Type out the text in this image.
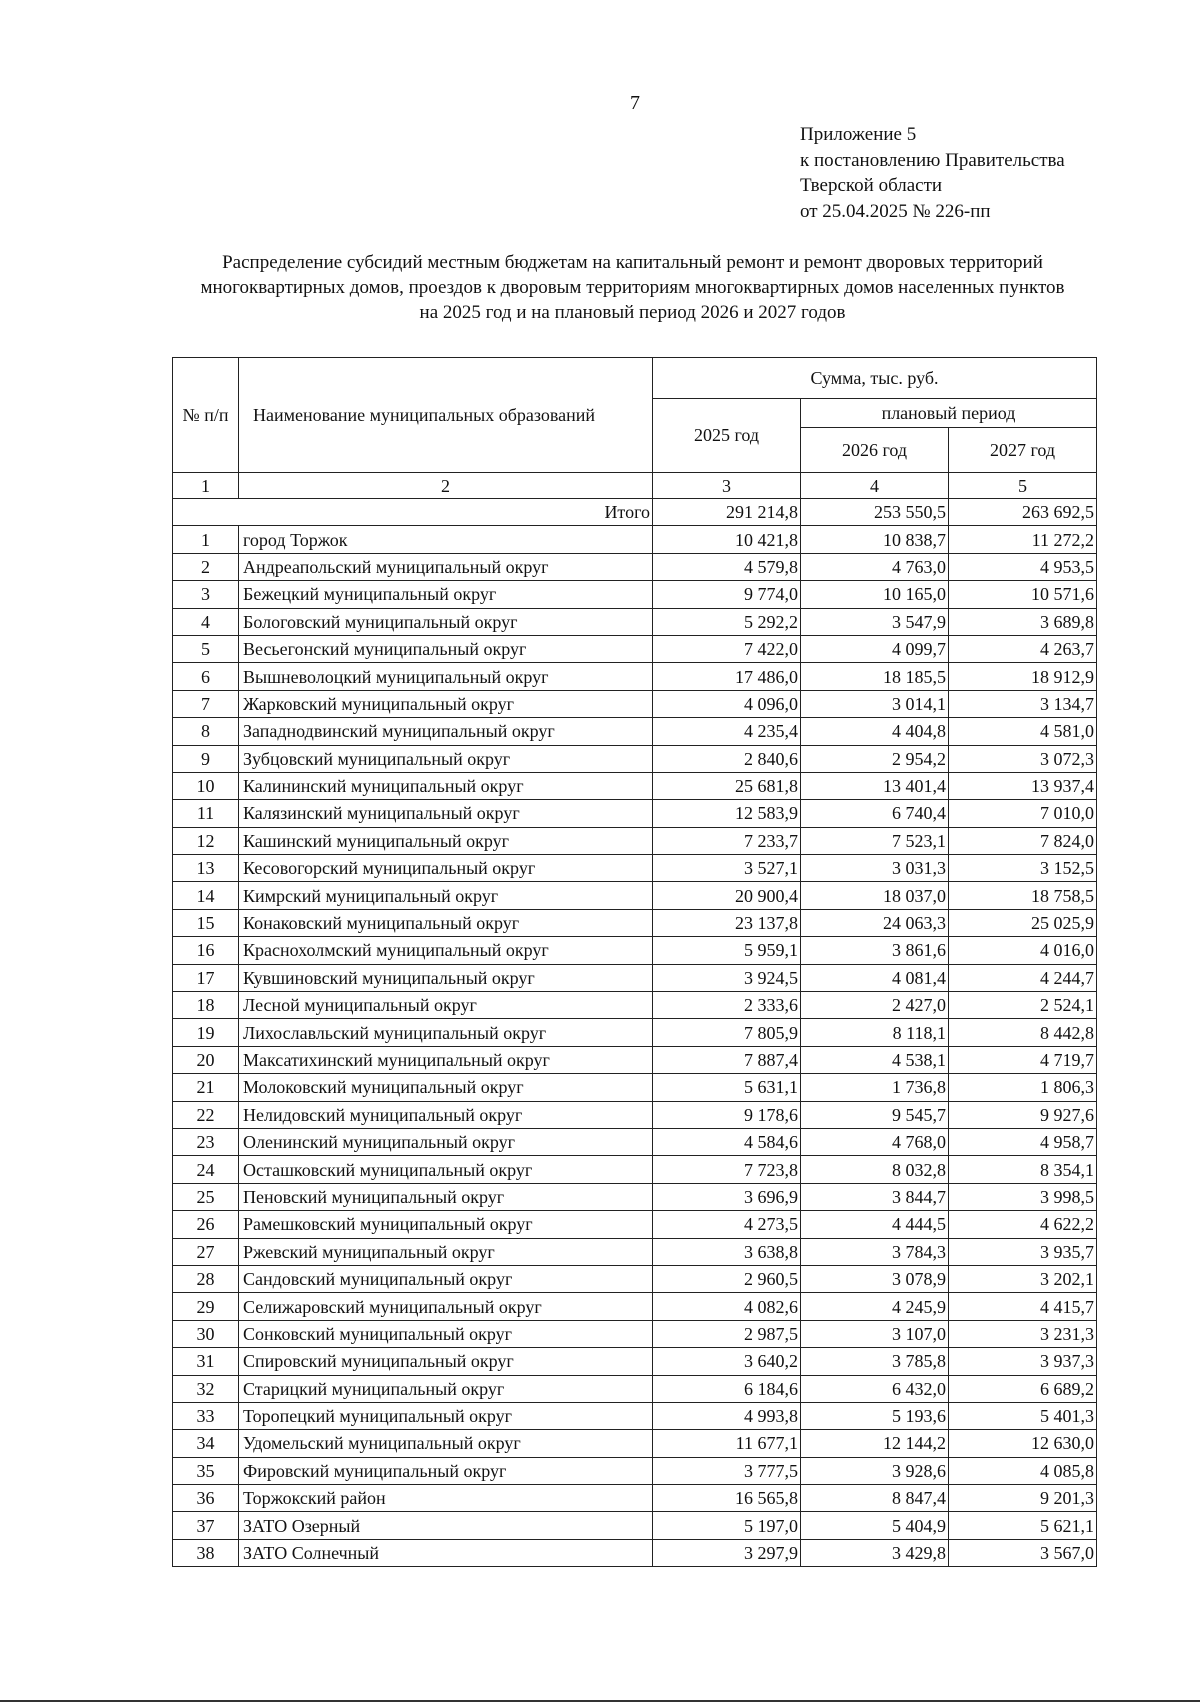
7
Приложение 5
к постановлению Правительства
Тверской области
от 25.04.2025 № 226-пп
Распределение субсидий местным бюджетам на капитальный ремонт и ремонт дворовых территорий
многоквартирных домов, проездов к дворовым территориям многоквартирных домов населенных пунктов
на 2025 год и на плановый период 2026 и 2027 годов
№ п/п	Наименование муниципальных образований	Сумма, тыс. руб.		
		2025 год	плановый период	
			2026 год	2027 год
1	2	3	4	5
Итого		291 214,8	253 550,5	263 692,5
1	город Торжок	10 421,8	10 838,7	11 272,2
2	Андреапольский муниципальный округ	4 579,8	4 763,0	4 953,5
3	Бежецкий муниципальный округ	9 774,0	10 165,0	10 571,6
4	Бологовский муниципальный округ	5 292,2	3 547,9	3 689,8
5	Весьегонский муниципальный округ	7 422,0	4 099,7	4 263,7
6	Вышневолоцкий муниципальный округ	17 486,0	18 185,5	18 912,9
7	Жарковский муниципальный округ	4 096,0	3 014,1	3 134,7
8	Западнодвинский муниципальный округ	4 235,4	4 404,8	4 581,0
9	Зубцовский муниципальный округ	2 840,6	2 954,2	3 072,3
10	Калининский муниципальный округ	25 681,8	13 401,4	13 937,4
11	Калязинский муниципальный округ	12 583,9	6 740,4	7 010,0
12	Кашинский муниципальный округ	7 233,7	7 523,1	7 824,0
13	Кесовогорский муниципальный округ	3 527,1	3 031,3	3 152,5
14	Кимрский муниципальный округ	20 900,4	18 037,0	18 758,5
15	Конаковский муниципальный округ	23 137,8	24 063,3	25 025,9
16	Краснохолмский муниципальный округ	5 959,1	3 861,6	4 016,0
17	Кувшиновский муниципальный округ	3 924,5	4 081,4	4 244,7
18	Лесной муниципальный округ	2 333,6	2 427,0	2 524,1
19	Лихославльский муниципальный округ	7 805,9	8 118,1	8 442,8
20	Максатихинский муниципальный округ	7 887,4	4 538,1	4 719,7
21	Молоковский муниципальный округ	5 631,1	1 736,8	1 806,3
22	Нелидовский муниципальный округ	9 178,6	9 545,7	9 927,6
23	Оленинский муниципальный округ	4 584,6	4 768,0	4 958,7
24	Осташковский муниципальный округ	7 723,8	8 032,8	8 354,1
25	Пеновский муниципальный округ	3 696,9	3 844,7	3 998,5
26	Рамешковский муниципальный округ	4 273,5	4 444,5	4 622,2
27	Ржевский муниципальный округ	3 638,8	3 784,3	3 935,7
28	Сандовский муниципальный округ	2 960,5	3 078,9	3 202,1
29	Селижаровский муниципальный округ	4 082,6	4 245,9	4 415,7
30	Сонковский муниципальный округ	2 987,5	3 107,0	3 231,3
31	Спировский муниципальный округ	3 640,2	3 785,8	3 937,3
32	Старицкий муниципальный округ	6 184,6	6 432,0	6 689,2
33	Торопецкий муниципальный округ	4 993,8	5 193,6	5 401,3
34	Удомельский муниципальный округ	11 677,1	12 144,2	12 630,0
35	Фировский муниципальный округ	3 777,5	3 928,6	4 085,8
36	Торжокский район	16 565,8	8 847,4	9 201,3
37	ЗАТО Озерный	5 197,0	5 404,9	5 621,1
38	ЗАТО Солнечный	3 297,9	3 429,8	3 567,0
